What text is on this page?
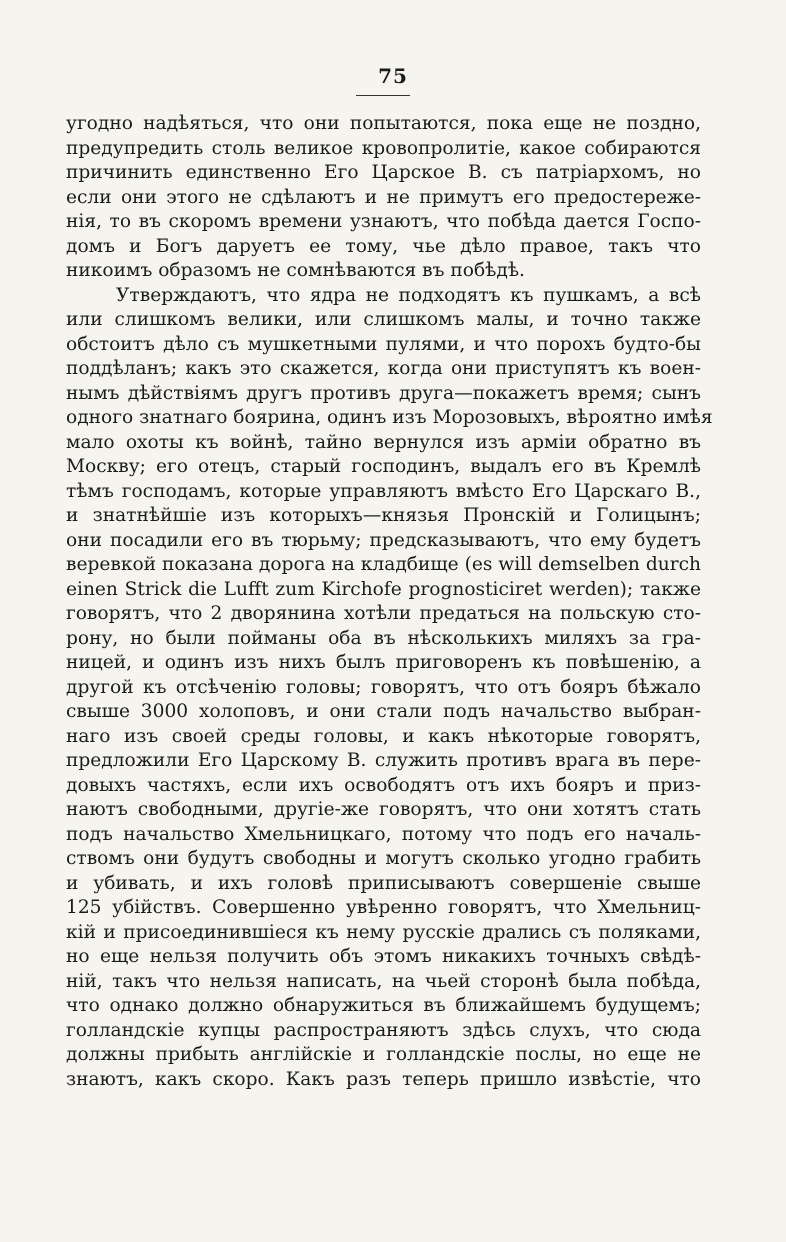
75
угодно надѣяться, что они попытаются, пока еще не поздно,
предупредить столь великое кровопролитіе, какое собираются
причинить единственно Его Царское В. съ патріархомъ, но
если они этого не сдѣлаютъ и не примутъ его предостереже-
нія, то въ скоромъ времени узнаютъ, что побѣда дается Госпо-
домъ и Богъ даруетъ ее тому, чье дѣло правое, такъ что
никоимъ образомъ не сомнѣваются въ побѣдѣ.
Утверждаютъ, что ядра не подходятъ къ пушкамъ, а всѣ
или слишкомъ велики, или слишкомъ малы, и точно также
обстоитъ дѣло съ мушкетными пулями, и что порохъ будто-бы
поддѣланъ; какъ это скажется, когда они приступятъ къ воен-
нымъ дѣйствіямъ другъ противъ друга—покажетъ время; сынъ
одного знатнаго боярина, одинъ изъ Морозовыхъ, вѣроятно имѣя
мало охоты къ войнѣ, тайно вернулся изъ арміи обратно въ
Москву; его отецъ, старый господинъ, выдалъ его въ Кремлѣ
тѣмъ господамъ, которые управляютъ вмѣсто Его Царскаго В.,
и знатнѣйшіе изъ которыхъ—князья Пронскій и Голицынъ;
они посадили его въ тюрьму; предсказываютъ, что ему будетъ
веревкой показана дорога на кладбище (es will demselben durch
einen Strick die Lufft zum Kirchofe prognosticiret werden); также
говорятъ, что 2 дворянина хотѣли предаться на польскую сто-
рону, но были пойманы оба въ нѣсколькихъ миляхъ за гра-
ницей, и одинъ изъ нихъ былъ приговоренъ къ повѣшенію, а
другой къ отсѣченію головы; говорятъ, что отъ бояръ бѣжало
свыше 3000 холоповъ, и они стали подъ начальство выбран-
наго изъ своей среды головы, и какъ нѣкоторые говорятъ,
предложили Его Царскому В. служить противъ врага въ пере-
довыхъ частяхъ, если ихъ освободятъ отъ ихъ бояръ и приз-
наютъ свободными, другіе-же говорятъ, что они хотятъ стать
подъ начальство Хмельницкаго, потому что подъ его началь-
ствомъ они будутъ свободны и могутъ сколько угодно грабить
и убивать, и ихъ головѣ приписываютъ совершеніе свыше
125 убійствъ. Совершенно увѣренно говорятъ, что Хмельниц-
кій и присоединившіеся къ нему русскіе дрались съ поляками,
но еще нельзя получить объ этомъ никакихъ точныхъ свѣдѣ-
ній, такъ что нельзя написать, на чьей сторонѣ была побѣда,
что однако должно обнаружиться въ ближайшемъ будущемъ;
голландскіе купцы распространяютъ здѣсь слухъ, что сюда
должны прибыть англійскіе и голландскіе послы, но еще не
знаютъ, какъ скоро. Какъ разъ теперь пришло извѣстіе, что
